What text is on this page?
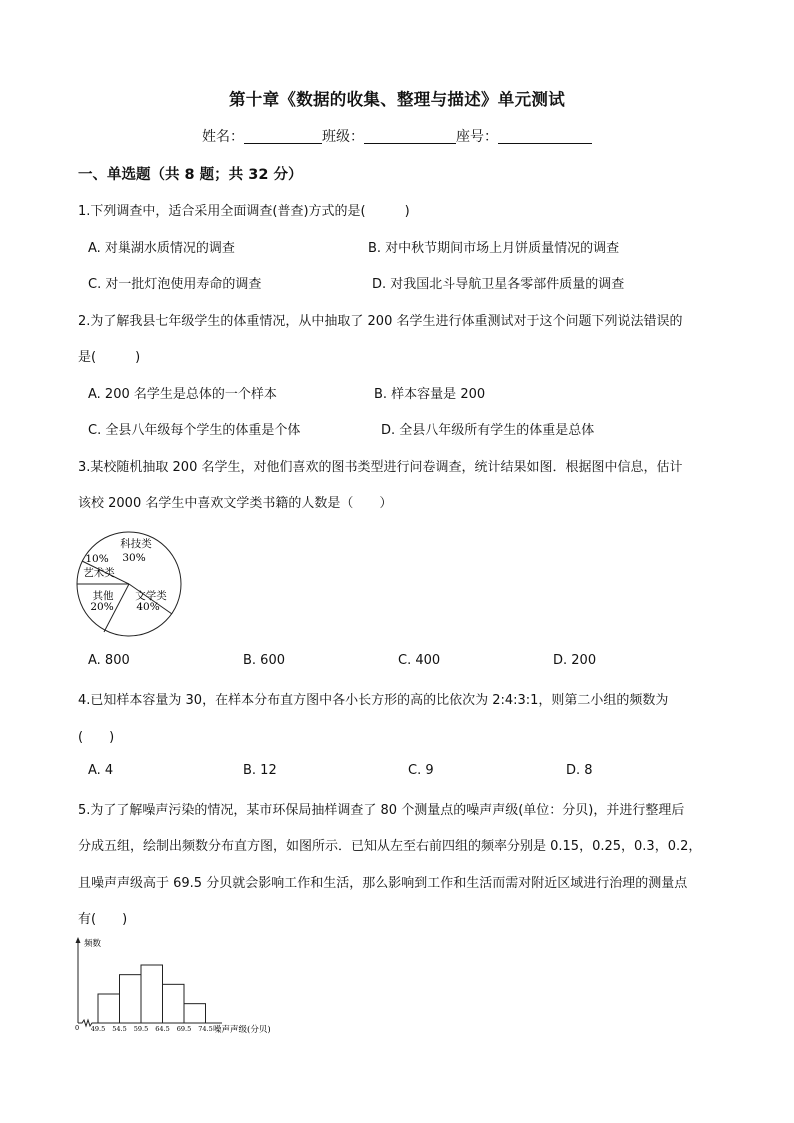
第十章《数据的收集、整理与描述》单元测试
姓名：	班级：	座号：
一、单选题（共 8 题；共 32 分）
1.下列调查中，适合采用全面调查(普查)方式的是(　　　)
A. 对巢湖水质情况的调查	B. 对中秋节期间市场上月饼质量情况的调查
C. 对一批灯泡使用寿命的调查	D. 对我国北斗导航卫星各零部件质量的调查
2.为了解我县七年级学生的体重情况，从中抽取了 200 名学生进行体重测试对于这个问题下列说法错误的
是(　　　)
A. 200 名学生是总体的一个样本	B. 样本容量是 200
C. 全县八年级每个学生的体重是个体	D. 全县八年级所有学生的体重是总体
3.某校随机抽取 200 名学生，对他们喜欢的图书类型进行问卷调查，统计结果如图．根据图中信息，估计
该校 2000 名学生中喜欢文学类书籍的人数是（　　）
科技类
30%
10%
艺术类
文学类
40%
其他
20%
A. 800	B. 600	C. 400	D. 200
4.已知样本容量为 30，在样本分布直方图中各小长方形的高的比依次为 2:4:3:1，则第二小组的频数为
(　　)
A. 4	B. 12	C. 9	D. 8
5.为了了解噪声污染的情况，某市环保局抽样调查了 80 个测量点的噪声声级(单位：分贝)，并进行整理后
分成五组，绘制出频数分布直方图，如图所示．已知从左至右前四组的频率分别是 0.15，0.25，0.3，0.2，
且噪声声级高于 69.5 分贝就会影响工作和生活，那么影响到工作和生活而需对附近区域进行治理的测量点
有(　　)
频数
0	噪声声级(分贝)
49.5 54.5 59.5 64.5 69.5 74.5
